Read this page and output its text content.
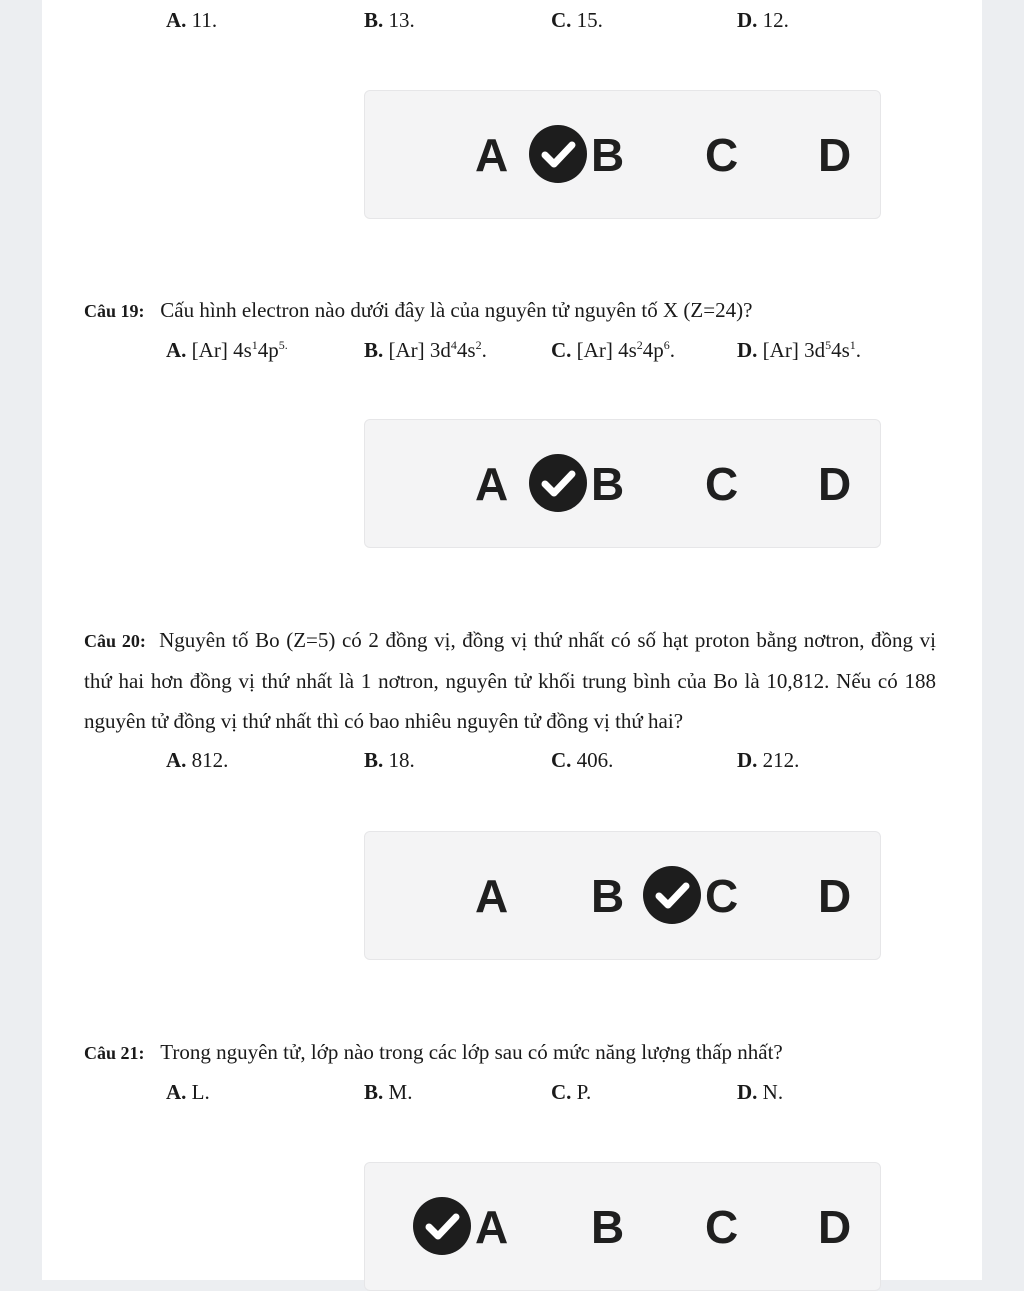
A. 11.	B. 13.	C. 15.	D. 12.
A B C D
Câu 19: Cấu hình electron nào dưới đây là của nguyên tử nguyên tố X (Z=24)?
A. [Ar] $4s^14p^{5.}$	B. [Ar] $3d^44s^2$.	C. [Ar] $4s^24p^6$.	D. [Ar] $3d^54s^1$.
A B C D
Câu 20: Nguyên tố Bo (Z=5) có 2 đồng vị, đồng vị thứ nhất có số hạt proton bằng nơtron, đồng vị thứ hai hơn đồng vị thứ nhất là 1 nơtron, nguyên tử khối trung bình của Bo là 10,812. Nếu có 188 nguyên tử đồng vị thứ nhất thì có bao nhiêu nguyên tử đồng vị thứ hai?
A. 812.	B. 18.	C. 406.	D. 212.
A B C D
Câu 21: Trong nguyên tử, lớp nào trong các lớp sau có mức năng lượng thấp nhất?
A. L.	B. M.	C. P.	D. N.
A B C D
